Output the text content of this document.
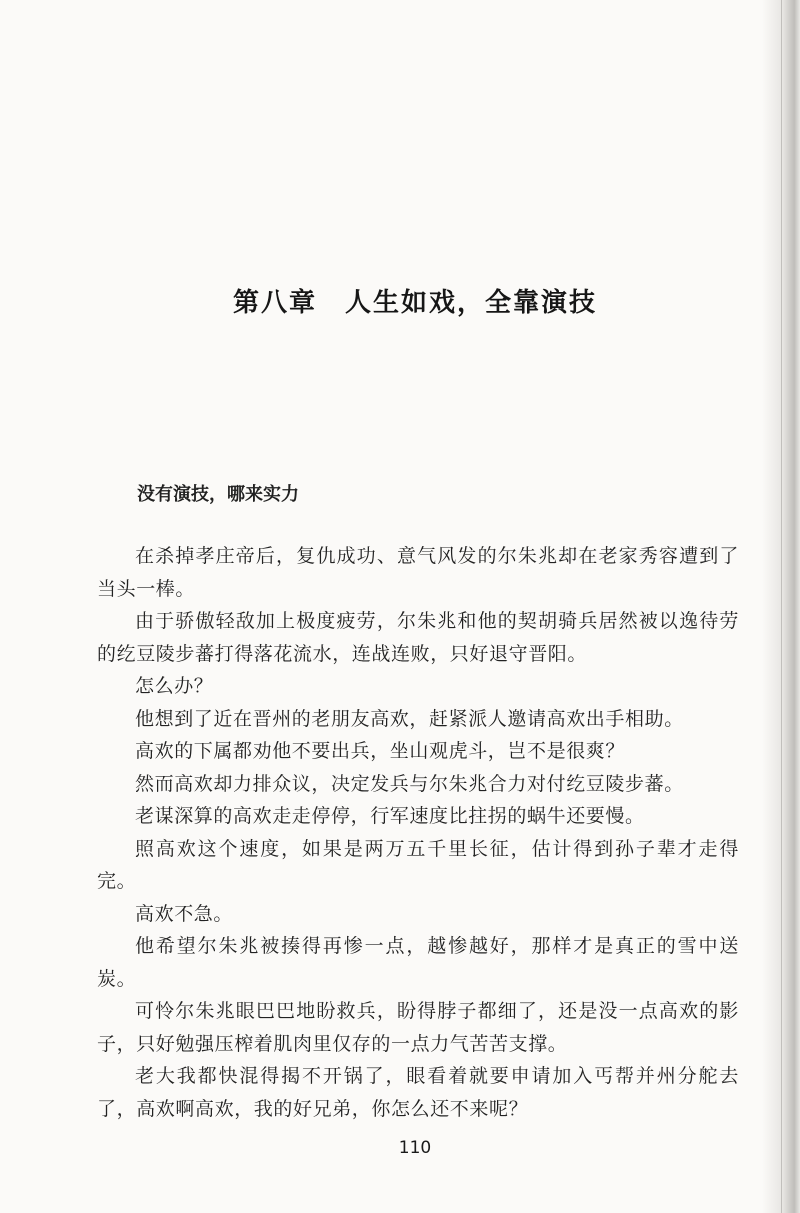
第八章　人生如戏，全靠演技
没有演技，哪来实力

在杀掉孝庄帝后，复仇成功、意气风发的尔朱兆却在老家秀容遭到了当头一棒。

由于骄傲轻敌加上极度疲劳，尔朱兆和他的契胡骑兵居然被以逸待劳的纥豆陵步蕃打得落花流水，连战连败，只好退守晋阳。

怎么办？

他想到了近在晋州的老朋友高欢，赶紧派人邀请高欢出手相助。

高欢的下属都劝他不要出兵，坐山观虎斗，岂不是很爽？

然而高欢却力排众议，决定发兵与尔朱兆合力对付纥豆陵步蕃。

老谋深算的高欢走走停停，行军速度比拄拐的蜗牛还要慢。

照高欢这个速度，如果是两万五千里长征，估计得到孙子辈才走得完。

高欢不急。

他希望尔朱兆被揍得再惨一点，越惨越好，那样才是真正的雪中送炭。

可怜尔朱兆眼巴巴地盼救兵，盼得脖子都细了，还是没一点高欢的影子，只好勉强压榨着肌肉里仅存的一点力气苦苦支撑。

老大我都快混得揭不开锅了，眼看着就要申请加入丐帮并州分舵去了，高欢啊高欢，我的好兄弟，你怎么还不来呢？

110
